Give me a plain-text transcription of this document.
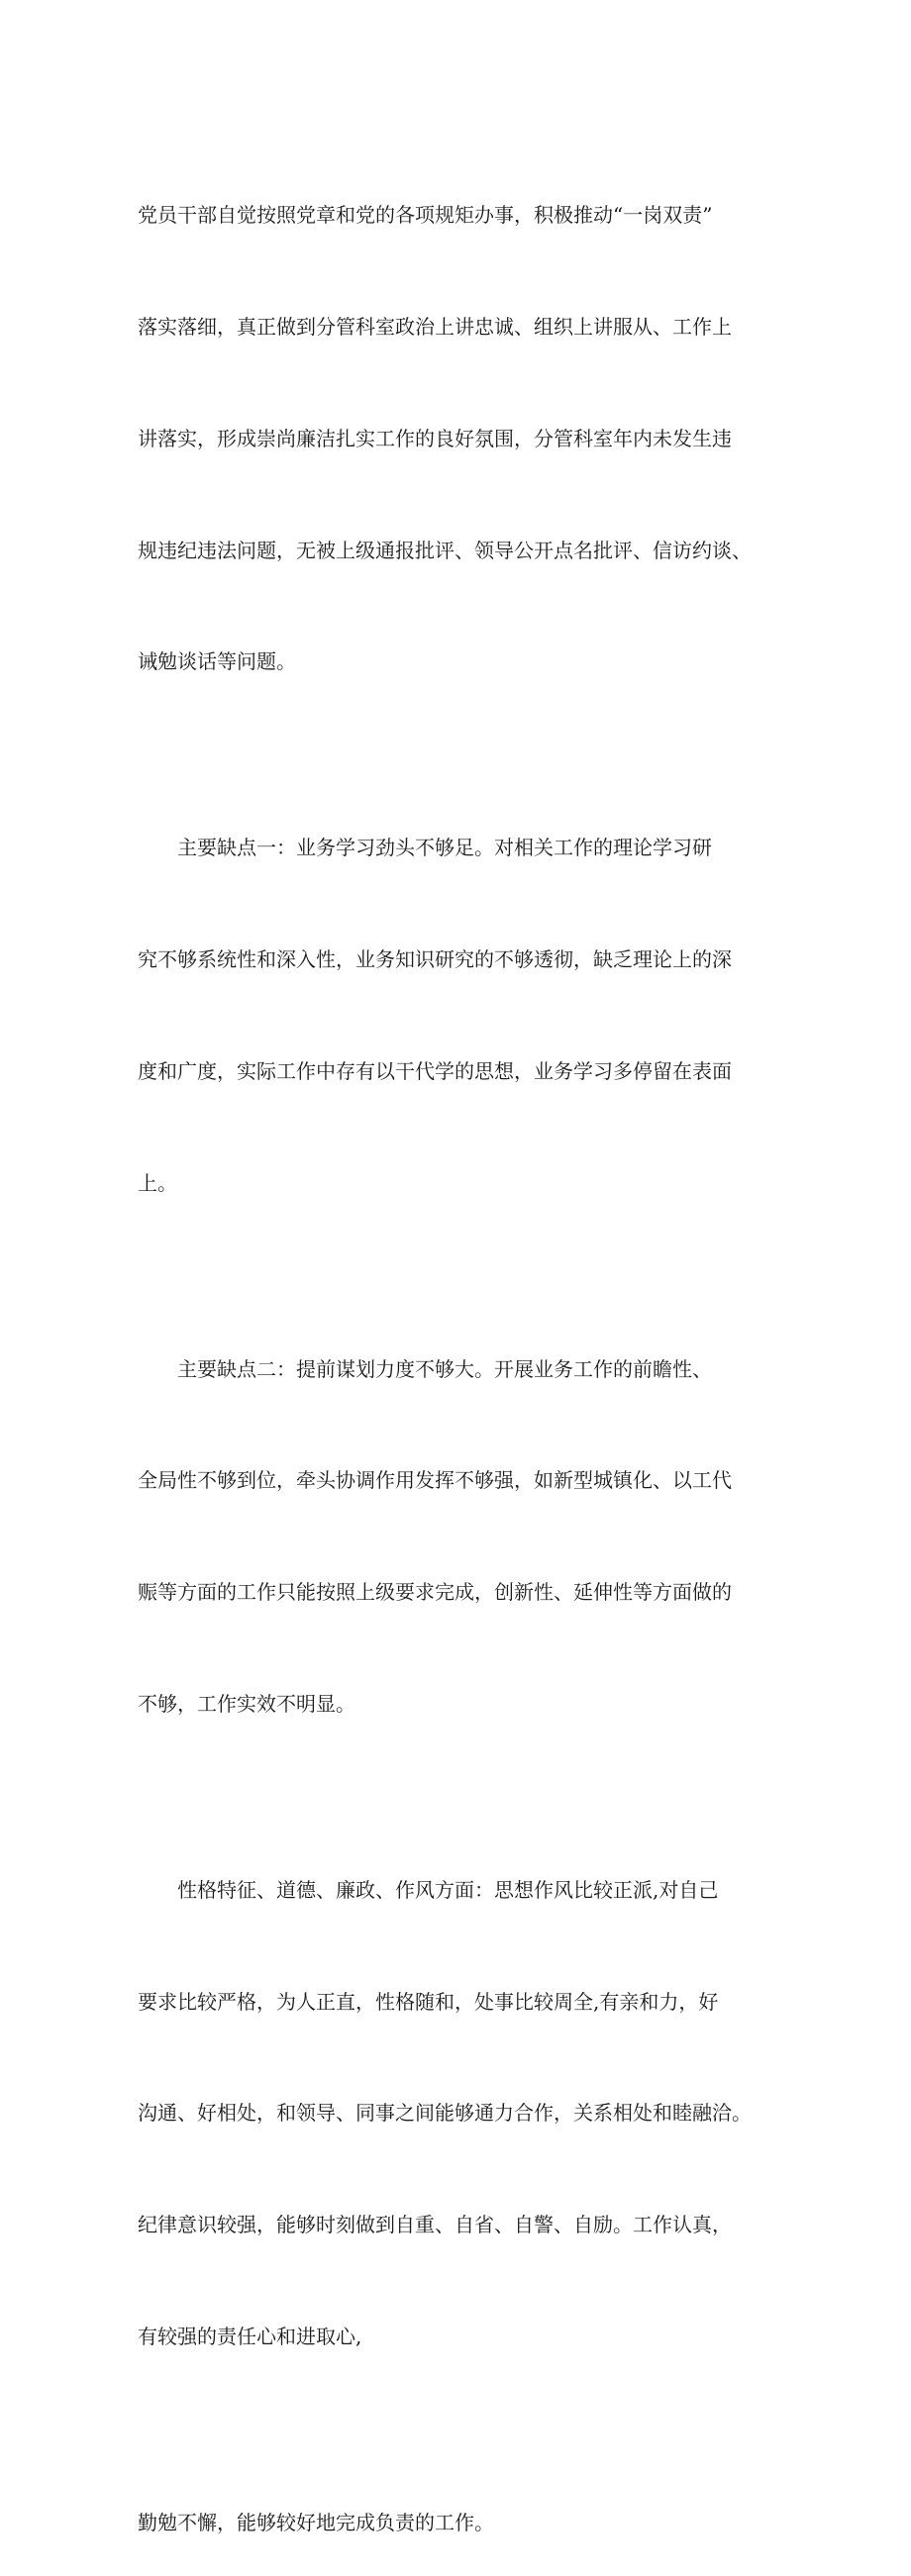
党员干部自觉按照党章和党的各项规矩办事，积极推动“一岗双责”

落实落细，真正做到分管科室政治上讲忠诚、组织上讲服从、工作上

讲落实，形成崇尚廉洁扎实工作的良好氛围，分管科室年内未发生违

规违纪违法问题，无被上级通报批评、领导公开点名批评、信访约谈、

诫勉谈话等问题。

主要缺点一：业务学习劲头不够足。对相关工作的理论学习研

究不够系统性和深入性，业务知识研究的不够透彻，缺乏理论上的深

度和广度，实际工作中存有以干代学的思想，业务学习多停留在表面

上。

主要缺点二：提前谋划力度不够大。开展业务工作的前瞻性、

全局性不够到位，牵头协调作用发挥不够强，如新型城镇化、以工代

赈等方面的工作只能按照上级要求完成，创新性、延伸性等方面做的

不够，工作实效不明显。

性格特征、道德、廉政、作风方面：思想作风比较正派,对自己

要求比较严格，为人正直，性格随和，处事比较周全,有亲和力，好

沟通、好相处，和领导、同事之间能够通力合作，关系相处和睦融洽。

纪律意识较强，能够时刻做到自重、自省、自警、自励。工作认真，

有较强的责任心和进取心,

勤勉不懈，能够较好地完成负责的工作。
